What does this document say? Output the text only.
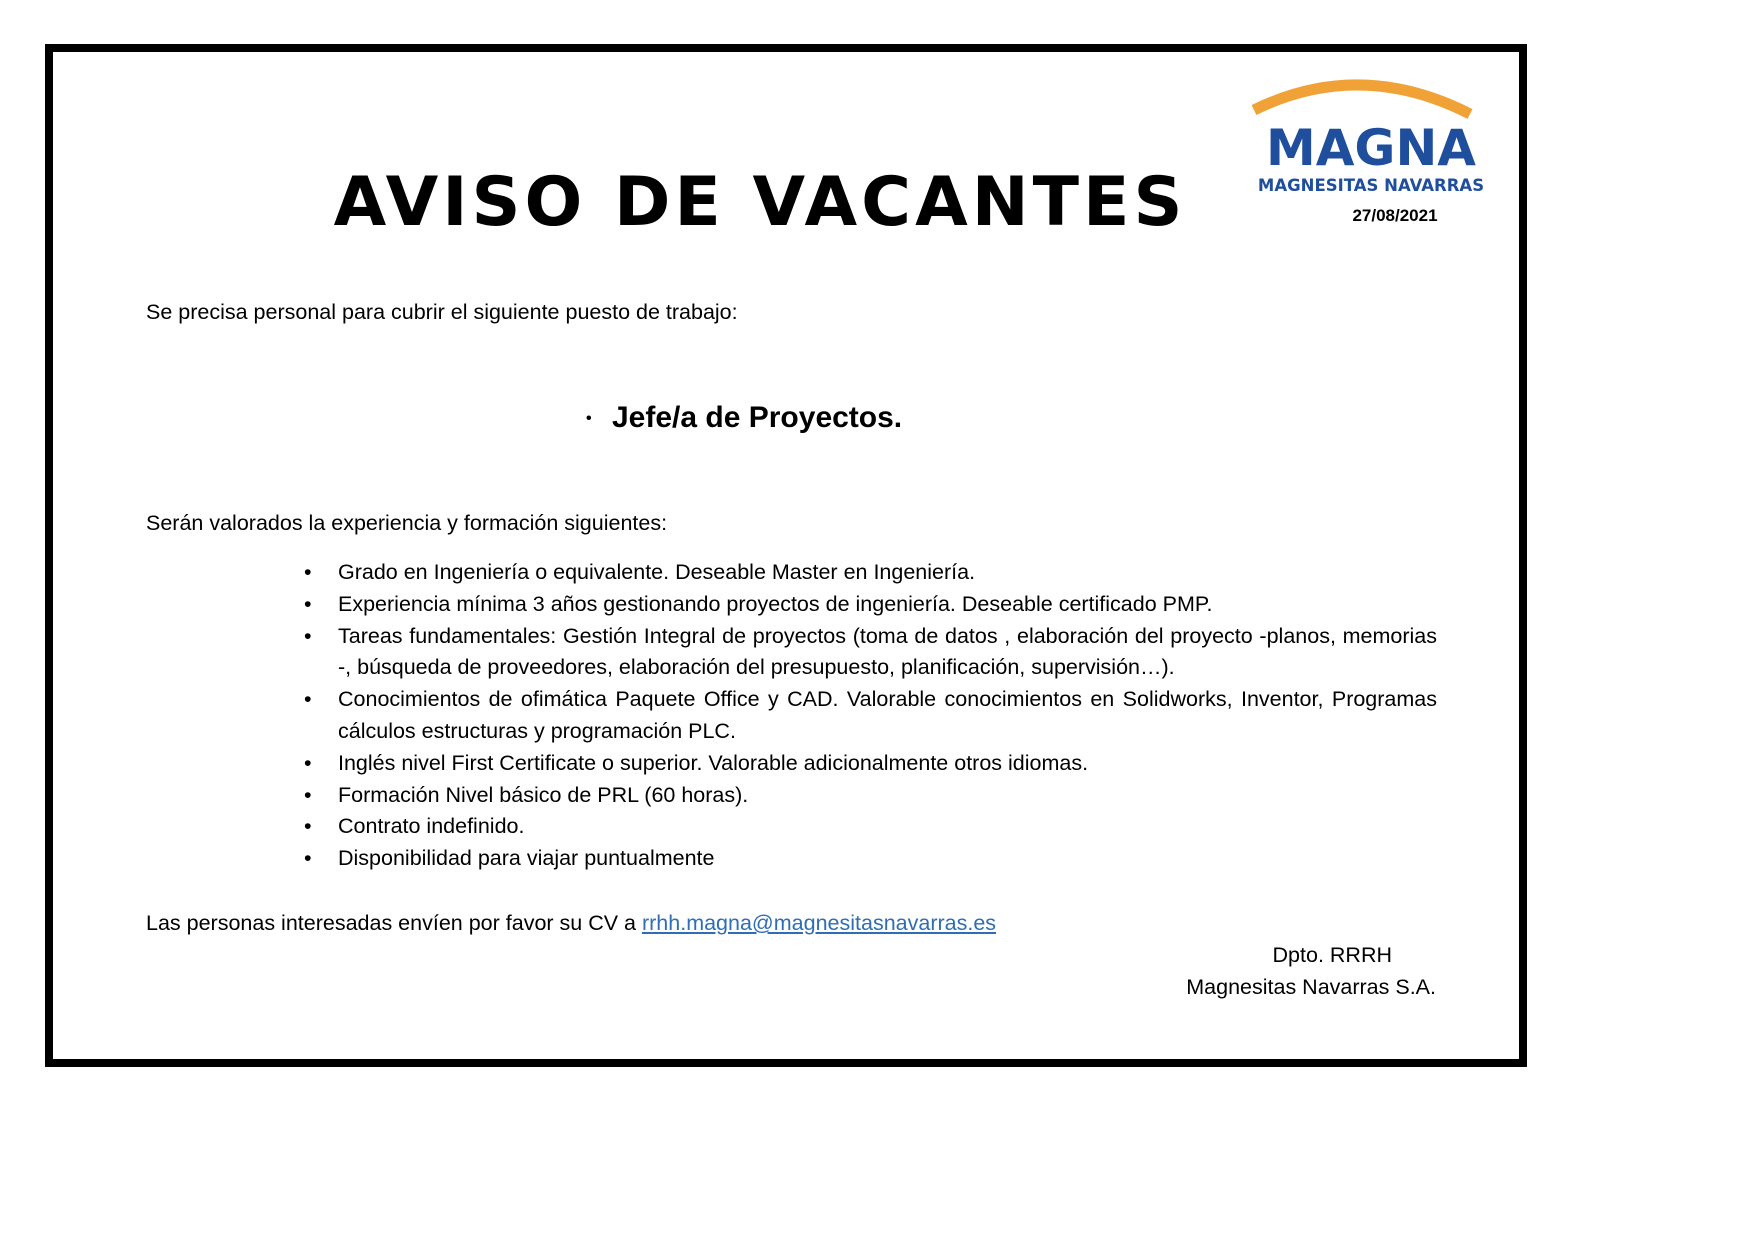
MAGNA
MAGNESITAS NAVARRAS
27/08/2021
AVISO DE VACANTES
Se precisa personal para cubrir el siguiente puesto de trabajo:
• Jefe/a de Proyectos.
Serán valorados la experiencia y formación siguientes:
• Grado en Ingeniería o equivalente. Deseable Master en Ingeniería.
• Experiencia mínima 3 años gestionando proyectos de ingeniería. Deseable certificado PMP.
• Tareas fundamentales: Gestión Integral de proyectos (toma de datos , elaboración del proyecto -planos, memorias -, búsqueda de proveedores, elaboración del presupuesto, planificación, supervisión…).
• Conocimientos de ofimática Paquete Office y CAD. Valorable conocimientos en Solidworks, Inventor, Programas cálculos estructuras y programación PLC.
• Inglés nivel First Certificate o superior. Valorable adicionalmente otros idiomas.
• Formación Nivel básico de PRL (60 horas).
• Contrato indefinido.
• Disponibilidad para viajar puntualmente
Las personas interesadas envíen por favor su CV a rrhh.magna@magnesitasnavarras.es
Dpto. RRRH
Magnesitas Navarras S.A.
